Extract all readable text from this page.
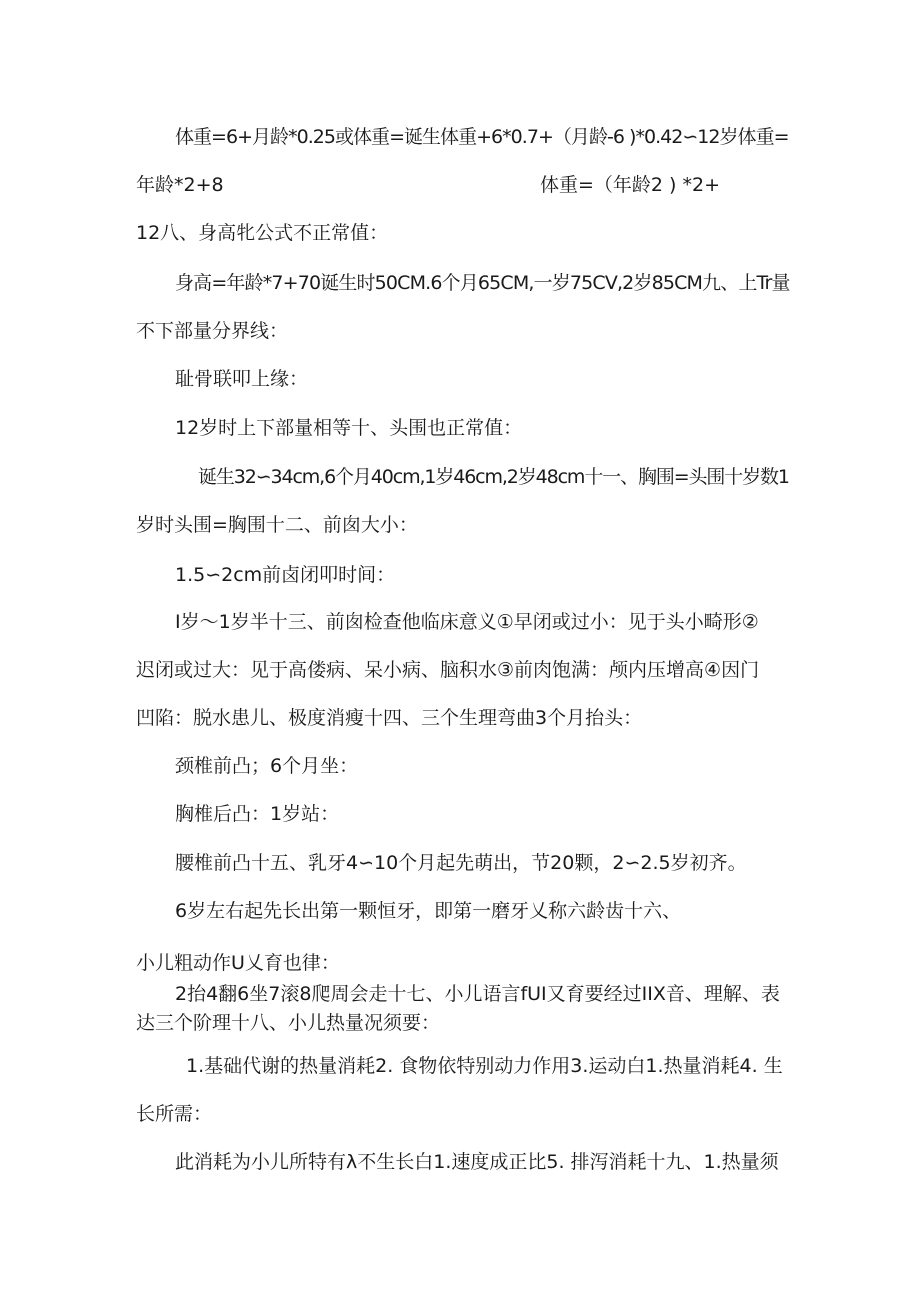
体重=6+月龄*0.25或体重=诞生体重+6*0.7+（月龄-6 )*0.42∽12岁体重=
年龄*2+8	体重=（年龄2 ) *2+
12八、身高牝公式不正常值：
身高=年龄*7+70诞生时50CM.6个月65CM,一岁75CV,2岁85CM九、上Tr量
不下部量分界线：
耻骨联叩上缘：
12岁时上下部量相等十、头围也正常值：
诞生32∽34cm,6个月40cm,1岁46cm,2岁48cm十一、胸围=头围十岁数1
岁时头围=胸围十二、前囱大小：
1.5∽2cm前卤闭叩时间：
I岁～1岁半十三、前囱检查他临床意义①早闭或过小：见于头小畸形②
迟闭或过大：见于高偻病、呆小病、脑积水③前肉饱满：颅内压增高④因门
凹陷：脱水患儿、极度消瘦十四、三个生理弯曲3个月抬头：
颈椎前凸；6个月坐：
胸椎后凸：1岁站：
腰椎前凸十五、乳牙4∽10个月起先萌出，节20颗，2∽2.5岁初齐。
6岁左右起先长出第一颗恒牙，即第一磨牙乂称六龄齿十六、
小儿粗动作U乂育也律：
2抬4翻6坐7滚8爬周会走十七、小儿语言fUI又育要经过IIX音、理解、表
达三个阶理十八、小儿热量况须要：
1.基础代谢的热量消耗2. 食物依特别动力作用3.运动白1.热量消耗4. 生
长所需：
此消耗为小儿所特有λ不生长白1.速度成正比5. 排泻消耗十九、1.热量须
